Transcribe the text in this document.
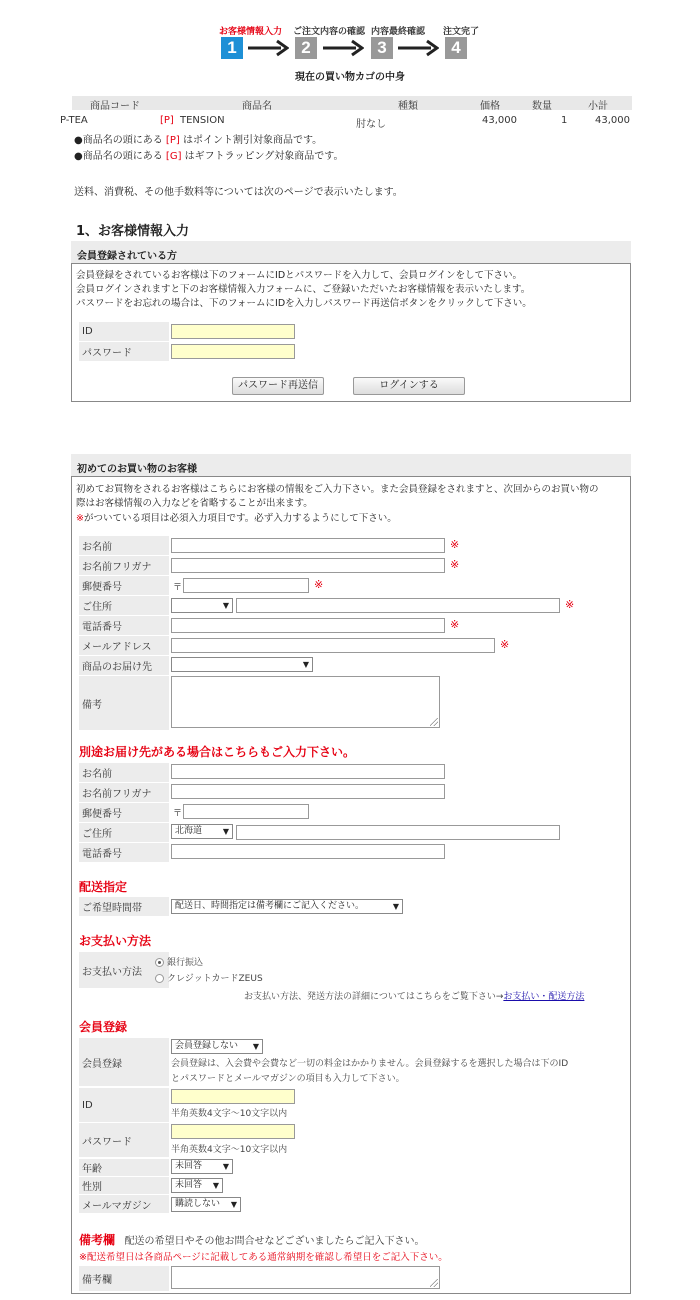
お客様情報入力 ご注文内容の確認 内容最終確認 注文完了
1	2	3	4
現在の買い物カゴの中身
商品コード	商品名	種類	価格	数量	小計
P-TEA	[P] TENSION	肘なし	43,000	1	43,000
●商品名の頭にある [P] はポイント割引対象商品です。
●商品名の頭にある [G] はギフトラッピング対象商品です。
送料、消費税、その他手数料等については次のページで表示いたします。
1、お客様情報入力
会員登録されている方
会員登録をされているお客様は下のフォームにIDとパスワードを入力して、会員ログインをして下さい。
会員ログインされますと下のお客様情報入力フォームに、ご登録いただいたお客様情報を表示いたします。
パスワードをお忘れの場合は、下のフォームにIDを入力しパスワード再送信ボタンをクリックして下さい。
ID
パスワード
パスワード再送信	ログインする
初めてのお買い物のお客様
初めてお買物をされるお客様はこちらにお客様の情報をご入力下さい。また会員登録をされますと、次回からのお買い物の
際はお客様情報の入力などを省略することが出来ます。
※がついている項目は必須入力項目です。必ず入力するようにして下さい。
お名前	※
お名前フリガナ	※
郵便番号	〒	※
ご住所
▼	※
電話番号	※
メールアドレス	※
商品のお届け先
▼
備考
別途お届け先がある場合はこちらもご入力下さい。
お名前
お名前フリガナ
郵便番号	〒
ご住所	北海道 ▼
電話番号
配送指定
ご希望時間帯	配送日、時間指定は備考欄にご記入ください。 ▼
お支払い方法
お支払い方法
銀行振込
クレジットカードZEUS
お支払い方法、発送方法の詳細についてはこちらをご覧下さい→お支払い・配送方法
会員登録
会員登録
会員登録しない ▼
会員登録は、入会費や会費など一切の料金はかかりません。会員登録するを選択した場合は下のID
とパスワードとメールマガジンの項目も入力して下さい。
ID
半角英数4文字～10文字以内
パスワード
半角英数4文字～10文字以内
年齢	未回答 ▼
性別	未回答 ▼
メールマガジン	購読しない ▼
備考欄 配送の希望日やその他お問合せなどございましたらご記入下さい。
※配送希望日は各商品ページに記載してある通常納期を確認し希望日をご記入下さい。
備考欄
